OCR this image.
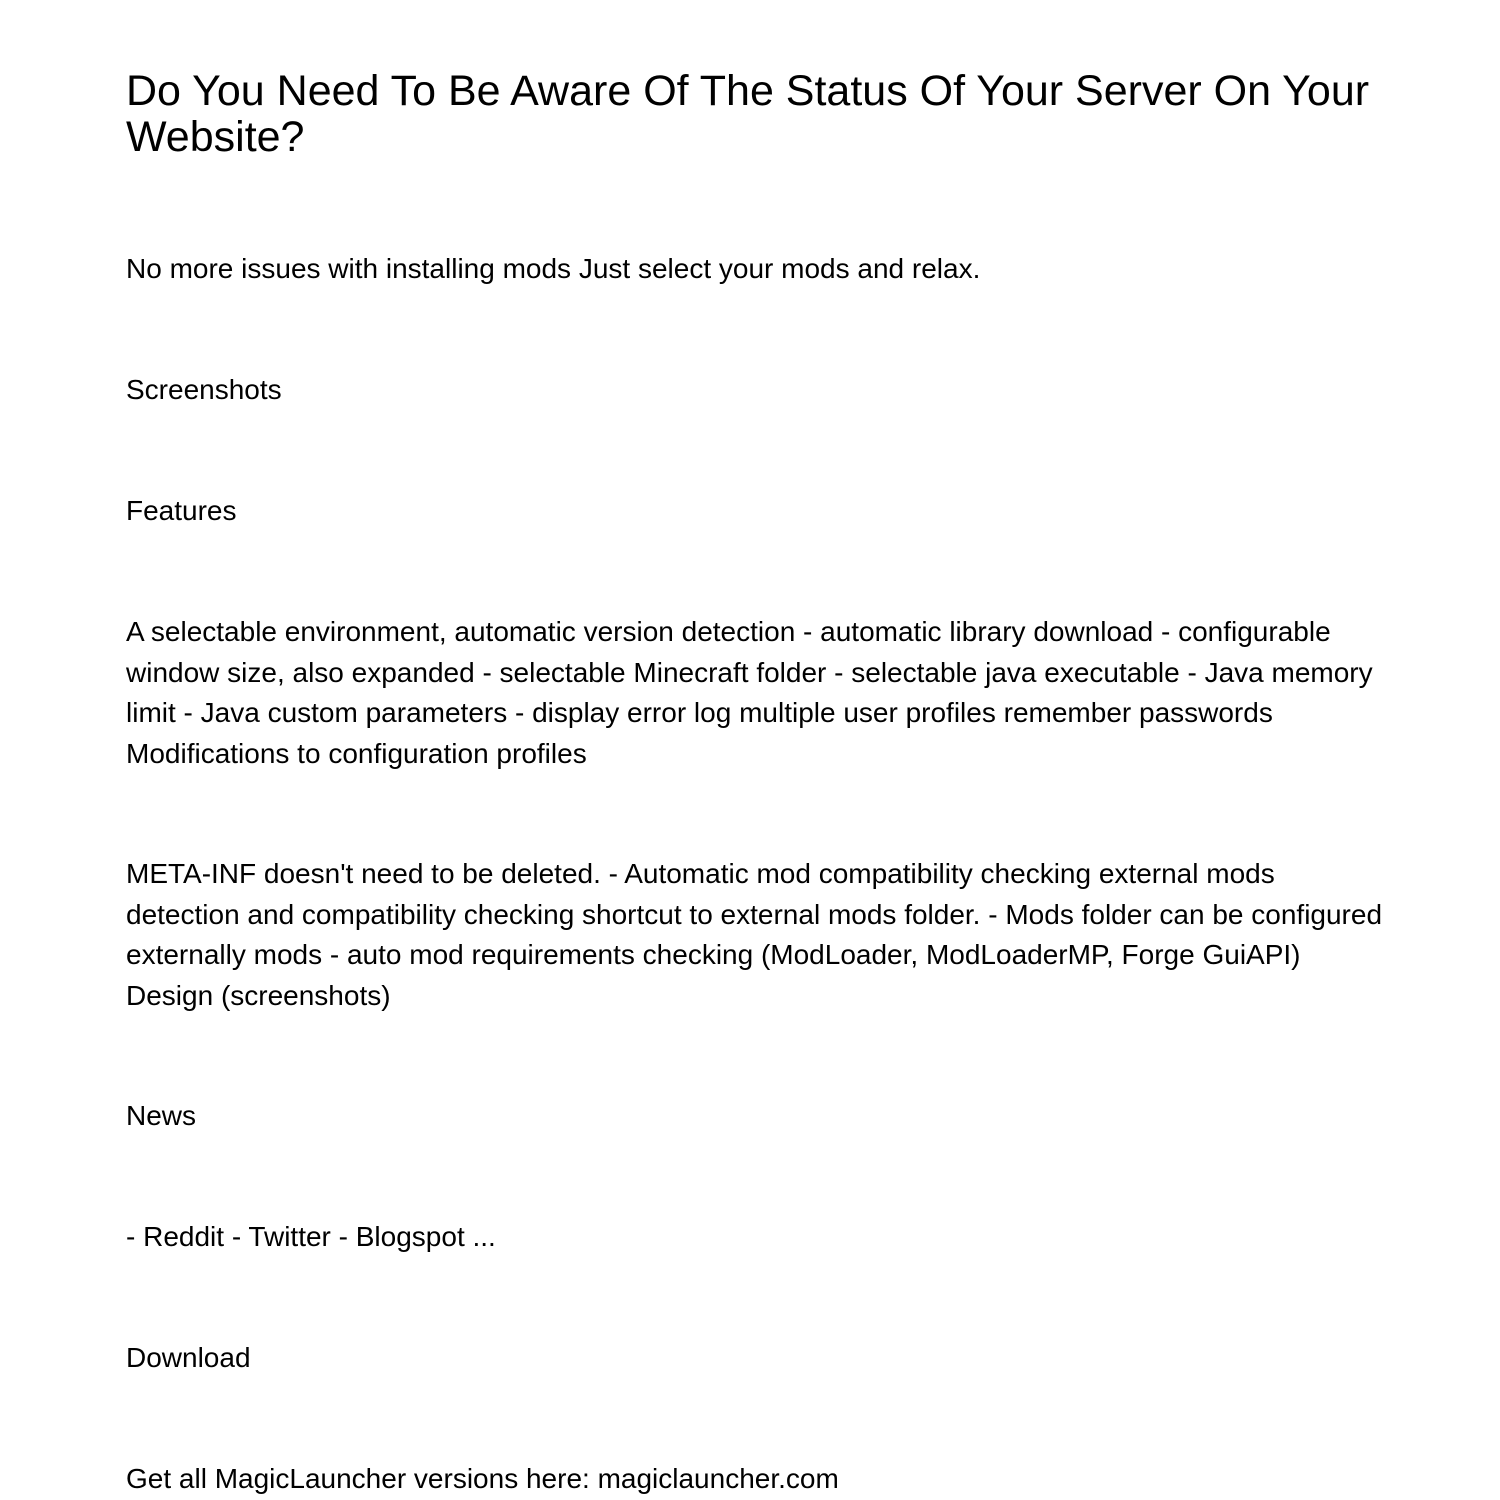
Do You Need To Be Aware Of The Status Of Your Server On Your Website?

No more issues with installing mods Just select your mods and relax.

Screenshots

Features

A selectable environment, automatic version detection - automatic library download - configurable window size, also expanded - selectable Minecraft folder - selectable java executable - Java memory limit - Java custom parameters - display error log multiple user profiles remember passwords Modifications to configuration profiles

META-INF doesn't need to be deleted. - Automatic mod compatibility checking external mods detection and compatibility checking shortcut to external mods folder. - Mods folder can be configured externally mods - auto mod requirements checking (ModLoader, ModLoaderMP, Forge GuiAPI) Design (screenshots)

News

- Reddit - Twitter - Blogspot ...

Download

Get all MagicLauncher versions here: magiclauncher.com
